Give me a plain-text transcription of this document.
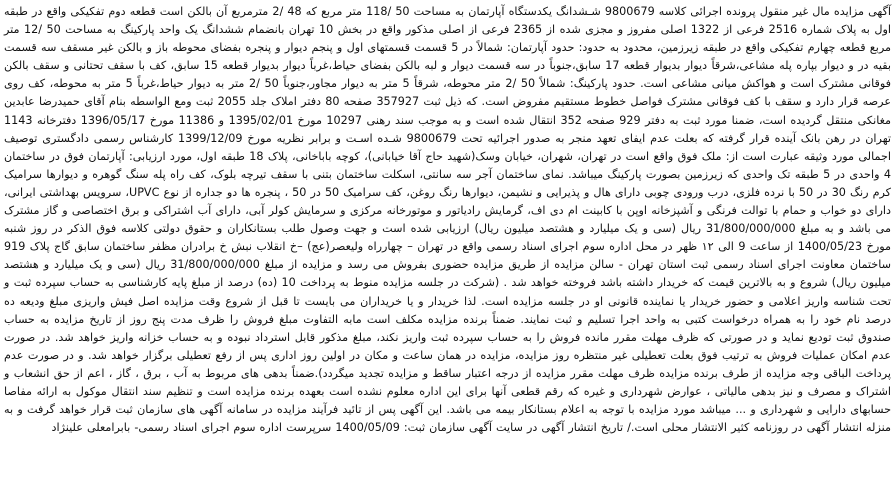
آگهی مزایده مال غیر منقول پرونده اجرائی کلاسه 9800679 شـشدانگ یکدستگاه آپارتمان به مساحت 50 /118 متر مربع که 48 /2 مترمربع آن بالکن است قطعه دوم تفکیکی واقع در طبقه اول به پلاک شماره 2516 فرعی از 1322 اصلی مفروز و مجزی شده از 2365 فرعی از اصلی مذکور واقع در بخش 10 تهران بانضمام ششدانگ یک واحد پارکینگ به مساحت 50 /12 متر مربع قطعه چهارم تفکیکی واقع در طبقه زیرزمین، محدود به حدود: حدود آپارتمان: شمالاً در 5 قسمت قسمتهای اول و پنجم دیوار و پنجره بفضای محوطه باز و بالکن غیر مسقف سه قسمت بقیه در و دیوار بپاره پله مشاعی،شرقاً دیوار بدیوار قطعه 17 سابق،جنوباً در سه قسمت دیوار و لبه بالکن بفضای حیاط،غرباً دیوار بدیوار قطعه 15 سابق، کف با سقف تحتانی و سقف بالکن فوقانی مشترک است و هواکش میانی مشاعی است. حدود پارکینگ: شمالاً 50 /2 متر محوطه، شرقاً 5 متر به دیوار مجاور،جنوباً 50 /2 متر به دیوار حیاط،غرباً 5 متر به محوطه، کف روی عرصه قرار دارد و سقف با کف فوقانی مشترک فواصل خطوط مستقیم مفروض است. که ذیل ثبت 357927 صفحه 80 دفتر املاک جلد 2055 ثبت ومع الواسطه بنام آقای حمیدرضا عابدین مغانکی منتقل گردیده است، ضمنا مورد ثبت به دفتر 929 صفحه 352 انتقال شده است و به موجب سند رهنی 10297 مورخ 1395/02/01 و 11386 مورخ 1396/05/17 دفترخانه 1143 تهران در رهن بانک آینده قرار گرفته که بعلت عدم ایفای تعهد منجر به صدور اجرائیه تحت 9800679 شـده اسـت و برابر نظریه مورخ 1399/12/09 کارشناس رسمی دادگستری توصیف اجمالی مورد وثیقه عبارت است از: ملک فوق واقع است در تهران، شهران، خیابان وسک(شهید حاج آقا خیابانی)، کوچه باباخانی، پلاک 18 طبقه اول، مورد ارزیابی: آپارتمان فوق در ساختمان 4 واحدی در 5 طبقه تک واحدی که زیرزمین بصورت پارکینگ میباشد. نمای ساختمان آجر سه سانتی، اسکلت ساختمان بتنی با سقف تیرچه بلوک، کف راه پله سنگ گوهره و دیوارها سرامیک کرم رنگ 30 در 50 با نرده فلزی، درب ورودی چوبی دارای هال و پذیرایی و نشیمن، دیوارها رنگ روغن، کف سرامیک 50 در 50 ، پنجره ها دو جداره از نوع UPVC، سرویس بهداشتی ایرانی، دارای دو خواب و حمام با توالت فرنگی و آشپزخانه اوپن با کابینت ام دی اف، گرمایش رادیاتور و موتورخانه مرکزی و سرمایش کولر آبی، دارای آب اشتراکی و برق اختصاصی و گاز مشترک می باشد و به مبلغ 31/800/000/000 ریال (سی و یک میلیارد و هشتصد میلیون ریال) ارزیابی شده است و جهت وصول طلب بستانکاران و حقوق دولتی کلاسه فوق الذکر در روز شنبه مورخ 1400/05/23 از ساعت 9 الی ۱۲ ظهر در محل اداره سوم اجرای اسناد رسمی واقع در تهران – چهارراه ولیعصر(عج) –خ انقلاب نبش خ برادران مظفر ساختمان سابق گاج پلاک 919 ساختمان معاونت اجرای اسناد رسمی ثبت استان تهران - سالن مزایده از طریق مزایده حضوری بفروش می رسد و مزایده از مبلغ 31/800/000/000 ریال (سی و یک میلیارد و هشتصد میلیون ریال) شروع و به بالاترین قیمت که خریدار داشته باشد فروخته خواهد شد . (شرکت در جلسه مزایده منوط به پرداخت 10 (ده) درصد از مبلغ پایه کارشناسی به حساب سپرده ثبت و تحت شناسه واریز اعلامی و حضور خریدار یا نماینده قانونی او در جلسه مزایده است. لذا خریدار و یا خریداران می بایست تا قبل از شروع وقت مزایده اصل فیش واریزی مبلغ ودیعه ده درصد نام خود را به همراه درخواست کتبی به واحد اجرا تسلیم و ثبت نمایند. ضمناً برنده مزایده مکلف است مابه التفاوت مبلغ فروش را ظرف مدت پنج روز از تاریخ مزایده به حساب صندوق ثبت تودیع نماید و در صورتی که ظرف مهلت مقرر مانده فروش را به حساب سپرده ثبت واریز نکند، مبلغ مذکور قابل استرداد نبوده و به حساب خزانه واریز خواهد شد. در صورت عدم امکان عملیات فروش به ترتیب فوق بعلت تعطیلی غیر منتظره روز مزایده، مزایده در همان ساعت و مکان در اولین روز اداری پس از رفع تعطیلی برگزار خواهد شد. و در صورت عدم پرداخت الباقی وجه مزایده از طرف برنده مزایده ظرف مهلت مقرر مزایده از درجه اعتبار ساقط و مزایده تجدید میگردد).ضمناً بدهی های مربوط به آب ، برق ، گاز ، اعم از حق انشعاب و اشتراک و مصرف و نیز بدهی مالیاتی ، عوارض شهرداری و غیره که رقم قطعی آنها برای این اداره معلوم نشده است بعهده برنده مزایده است و تنظیم سند انتقال موکول به ارائه مفاصا حسابهای دارایی و شهرداری و ... میباشد مورد مزایده با توجه به اعلام بستانکار بیمه می باشد. این آگهی پس از تائید فرآیند مزایده در سامانه آگهی های سازمان ثبت قرار خواهد گرفت و به منزله انتشار آگهی در روزنامه کثیر الانتشار محلی است./ تاریخ انتشار آگهی در سایت آگهی سازمان ثبت: 1400/05/09 سرپرست اداره سوم اجرای اسناد رسمی- بابرامعلی علینژاد
